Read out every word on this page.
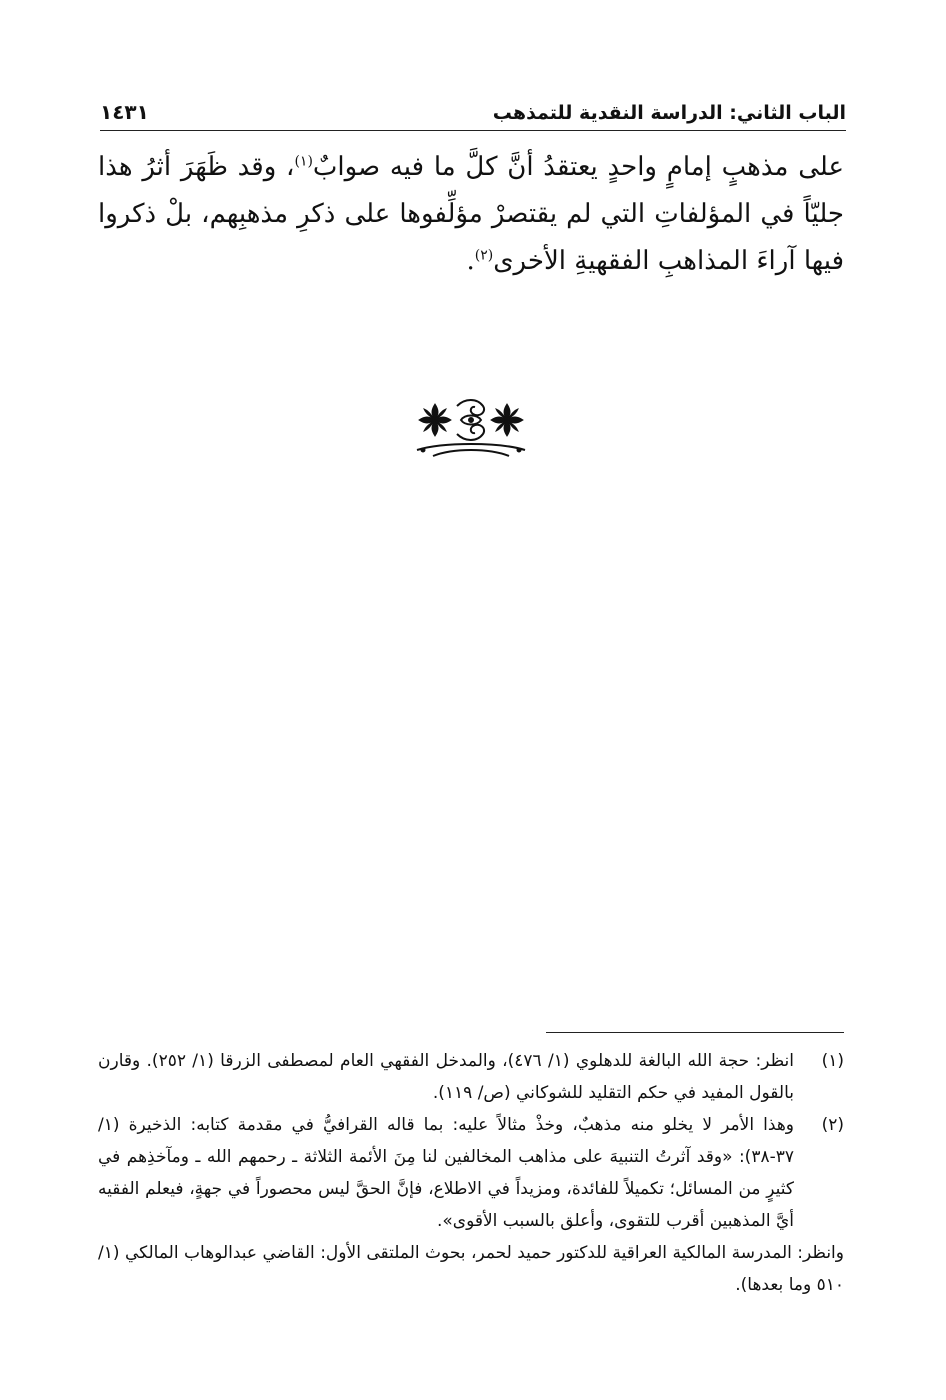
الباب الثاني: الدراسة النقدية للتمذهب
١٤٣١

على مذهبٍ إمامٍ واحدٍ يعتقدُ أنَّ كلَّ ما فيه صوابٌ$^{(١)}$، وقد ظَهَرَ أثرُ هذا جليّاً في المؤلفاتِ التي لم يقتصرْ مؤلِّفوها على ذكرِ مذهبِهم، بلْ ذكروا فيها آراءَ المذاهبِ الفقهيةِ الأخرى$^{(٢)}$.

(١)

انظر: حجة الله البالغة للدهلوي (١/ ٤٧٦)، والمدخل الفقهي العام لمصطفى الزرقا (١/ ٢٥٢). وقارن بالقول المفيد في حكم التقليد للشوكاني (ص/ ١١٩).

(٢)

وهذا الأمر لا يخلو منه مذهبٌ، وخذْ مثالاً عليه: بما قاله القرافيُّ في مقدمة كتابه: الذخيرة (١/ ٣٧-٣٨): «وقد آثرتُ التنبيهَ على مذاهب المخالفين لنا مِنَ الأئمة الثلاثة ـ رحمهم الله ـ ومآخذِهم في كثيرٍ من المسائل؛ تكميلاً للفائدة، ومزيداً في الاطلاع، فإنَّ الحقَّ ليس محصوراً في جهةٍ، فيعلم الفقيه أيَّ المذهبين أقرب للتقوى، وأعلق بالسبب الأقوى».

وانظر: المدرسة المالكية العراقية للدكتور حميد لحمر، بحوث الملتقى الأول: القاضي عبدالوهاب المالكي (١/ ٥١٠ وما بعدها).
